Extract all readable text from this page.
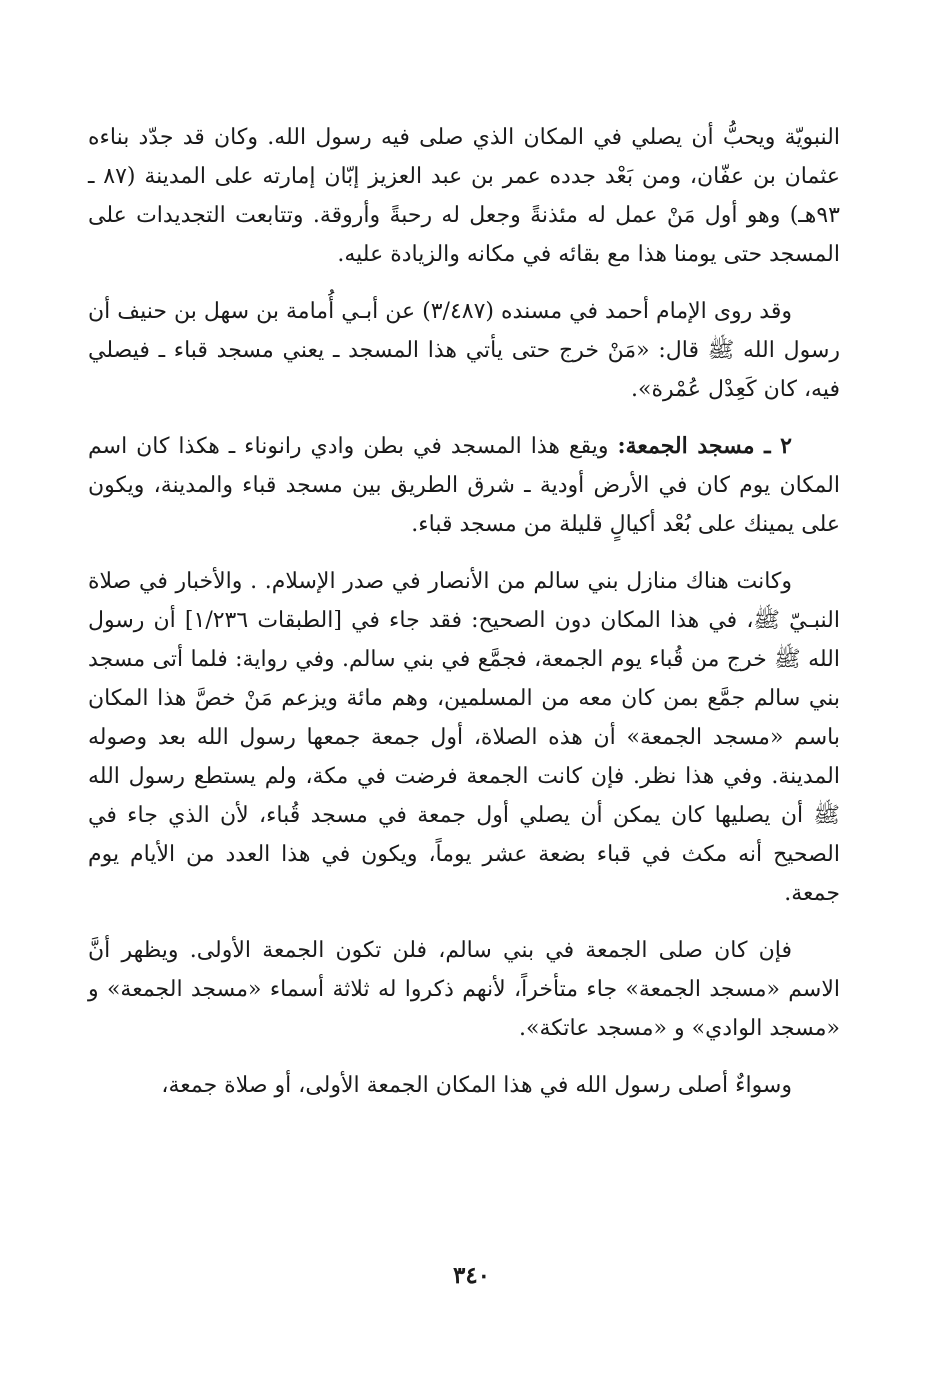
النبويّة ويحبُّ أن يصلي في المكان الذي صلى فيه رسول الله. وكان قد جدّد بناءه عثمان بن عفّان، ومن بَعْد جدده عمر بن عبد العزيز إبّان إمارته على المدينة (٨٧ ـ ٩٣هـ) وهو أول مَنْ عمل له مئذنةً وجعل له رحبةً وأروقة. وتتابعت التجديدات على المسجد حتى يومنا هذا مع بقائه في مكانه والزيادة عليه.

وقد روى الإمام أحمد في مسنده (٣/٤٨٧) عن أبـي أُمامة بن سهل بن حنيف أن رسول الله ﷺ قال: «مَنْ خرج حتى يأتي هذا المسجد ـ يعني مسجد قباء ـ فيصلي فيه، كان كَعِدْل عُمْرة».

٢ ـ مسجد الجمعة: ويقع هذا المسجد في بطن وادي رانوناء ـ هكذا كان اسم المكان يوم كان في الأرض أودية ـ شرق الطريق بين مسجد قباء والمدينة، ويكون على يمينك على بُعْد أكيالٍ قليلة من مسجد قباء.

وكانت هناك منازل بني سالم من الأنصار في صدر الإسلام. . والأخبار في صلاة النبـيّ ﷺ، في هذا المكان دون الصحيح: فقد جاء في [الطبقات ١/٢٣٦] أن رسول الله ﷺ خرج من قُباء يوم الجمعة، فجمَّع في بني سالم. وفي رواية: فلما أتى مسجد بني سالم جمَّع بمن كان معه من المسلمين، وهم مائة ويزعم مَنْ خصَّ هذا المكان باسم «مسجد الجمعة» أن هذه الصلاة، أول جمعة جمعها رسول الله بعد وصوله المدينة. وفي هذا نظر. فإن كانت الجمعة فرضت في مكة، ولم يستطع رسول الله ﷺ أن يصليها كان يمكن أن يصلي أول جمعة في مسجد قُباء، لأن الذي جاء في الصحيح أنه مكث في قباء بضعة عشر يوماً، ويكون في هذا العدد من الأيام يوم جمعة.

فإن كان صلى الجمعة في بني سالم، فلن تكون الجمعة الأولى. ويظهر أنَّ الاسم «مسجد الجمعة» جاء متأخراً، لأنهم ذكروا له ثلاثة أسماء «مسجد الجمعة» و «مسجد الوادي» و «مسجد عاتكة».

وسواءٌ أصلى رسول الله في هذا المكان الجمعة الأولى، أو صلاة جمعة،

٣٤٠
